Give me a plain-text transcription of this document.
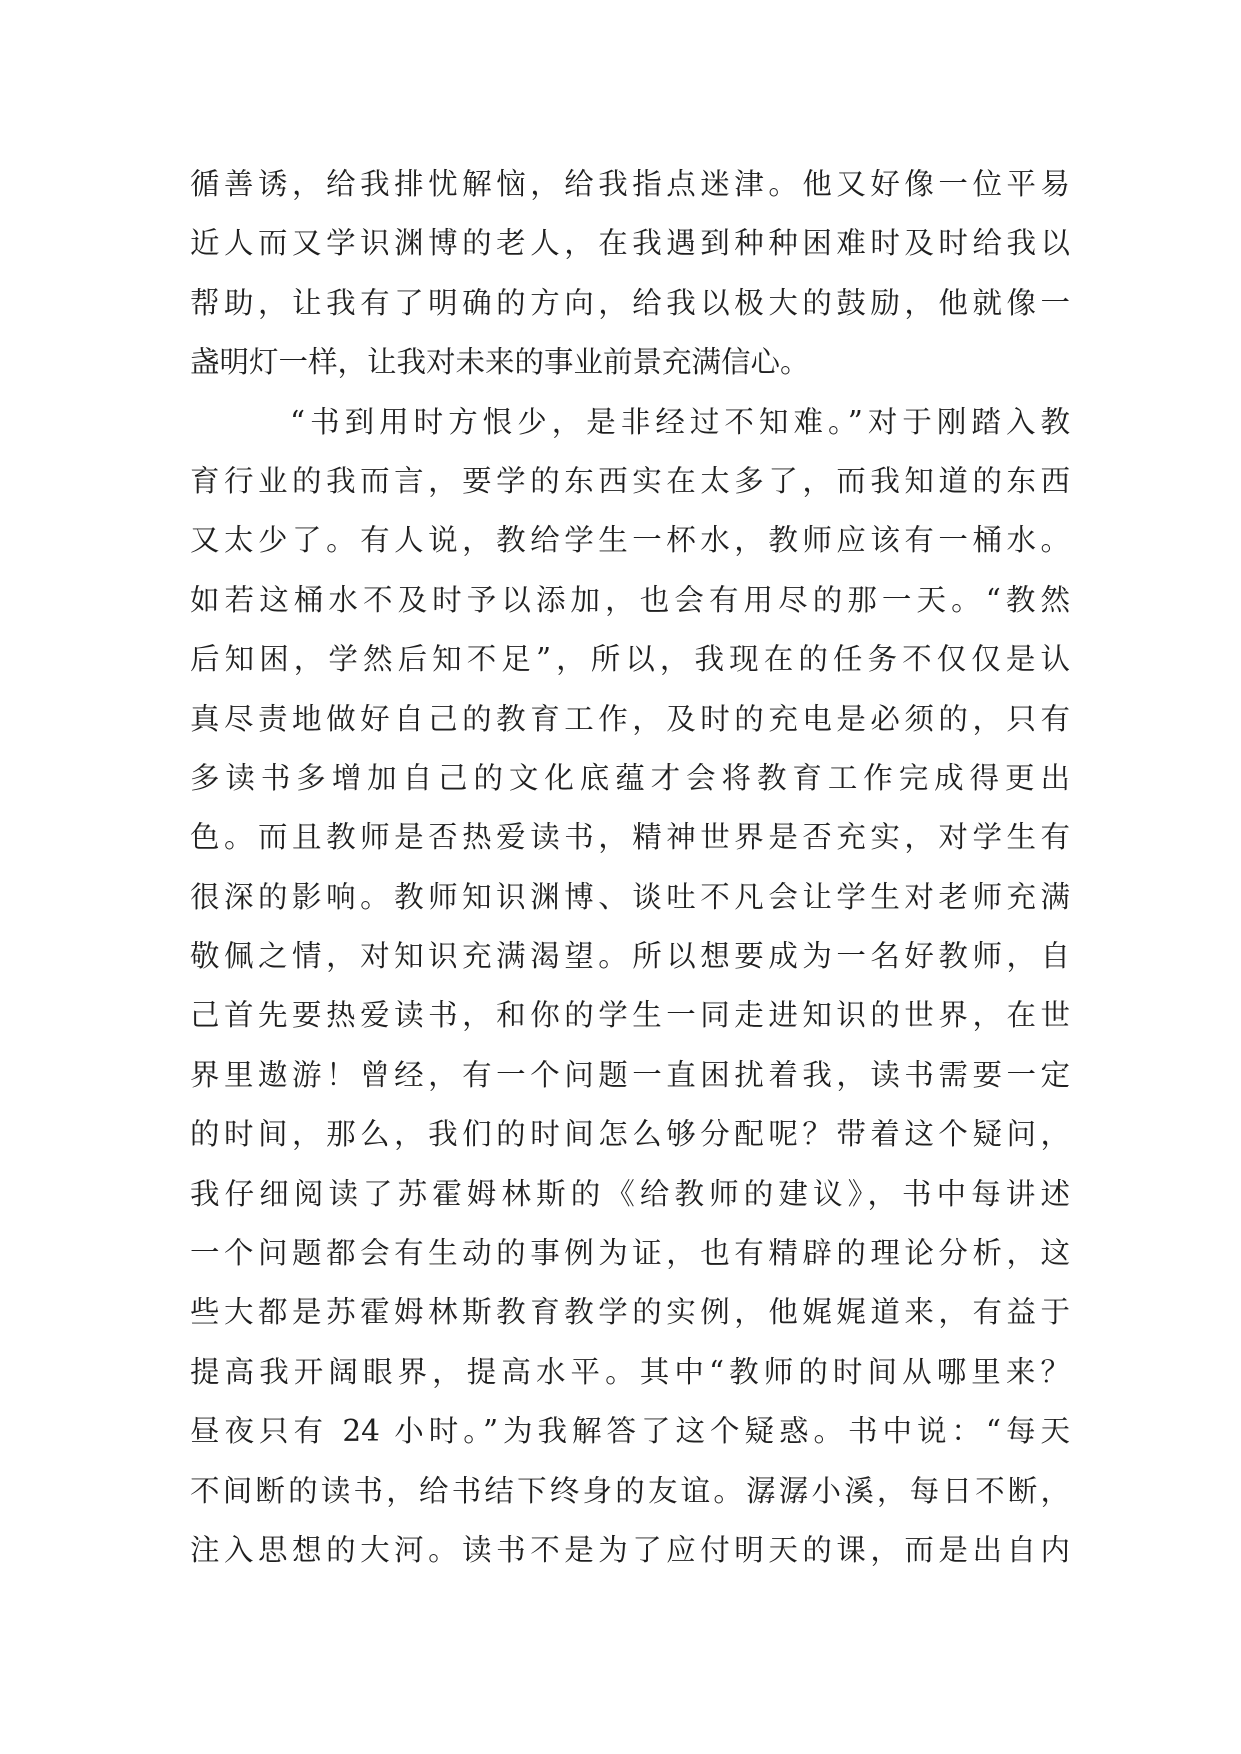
循善诱，给我排忧解恼，给我指点迷津。他又好像一位平易
近人而又学识渊博的老人，在我遇到种种困难时及时给我以
帮助，让我有了明确的方向，给我以极大的鼓励，他就像一
盏明灯一样，让我对未来的事业前景充满信心。
“书到用时方恨少，是非经过不知难。”对于刚踏入教
育行业的我而言，要学的东西实在太多了，而我知道的东西
又太少了。有人说，教给学生一杯水，教师应该有一桶水。
如若这桶水不及时予以添加，也会有用尽的那一天。“教然
后知困，学然后知不足”，所以，我现在的任务不仅仅是认
真尽责地做好自己的教育工作，及时的充电是必须的，只有
多读书多增加自己的文化底蕴才会将教育工作完成得更出
色。而且教师是否热爱读书，精神世界是否充实，对学生有
很深的影响。教师知识渊博、谈吐不凡会让学生对老师充满
敬佩之情，对知识充满渴望。所以想要成为一名好教师，自
己首先要热爱读书，和你的学生一同走进知识的世界，在世
界里遨游！曾经，有一个问题一直困扰着我，读书需要一定
的时间，那么，我们的时间怎么够分配呢？带着这个疑问，
我仔细阅读了苏霍姆林斯的《给教师的建议》，书中每讲述
一个问题都会有生动的事例为证，也有精辟的理论分析，这
些大都是苏霍姆林斯教育教学的实例，他娓娓道来，有益于
提高我开阔眼界，提高水平。其中“教师的时间从哪里来？
昼夜只有 24 小时。”为我解答了这个疑惑。书中说：“每天
不间断的读书，给书结下终身的友谊。潺潺小溪，每日不断，
注入思想的大河。读书不是为了应付明天的课，而是出自内
